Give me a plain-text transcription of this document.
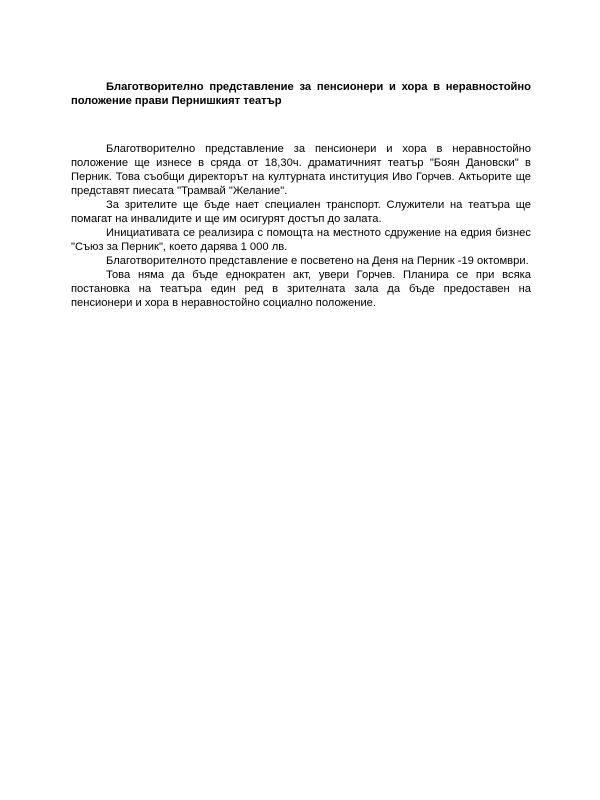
Благотворително представление за пенсионери и хора в неравностойно положение прави Пернишкият театър

Благотворително представление за пенсионери и хора в неравностойно положение ще изнесе в сряда от 18,30ч. драматичният театър "Боян Дановски" в Перник. Това съобщи директорът на културната институция Иво Горчев. Актьорите ще представят пиесата "Трамвай "Желание".

За зрителите ще бъде нает специален транспорт. Служители на театъра ще помагат на инвалидите и ще им осигурят достъп до залата.

Инициативата се реализира с помощта на местното сдружение на едрия бизнес "Съюз за Перник", което дарява 1 000 лв.

Благотворителното представление е посветено на Деня на Перник -19 октомври.

Това няма да бъде еднократен акт, увери Горчев. Планира се при всяка постановка на театъра един ред в зрителната зала да бъде предоставен на пенсионери и хора в неравностойно социално положение.
